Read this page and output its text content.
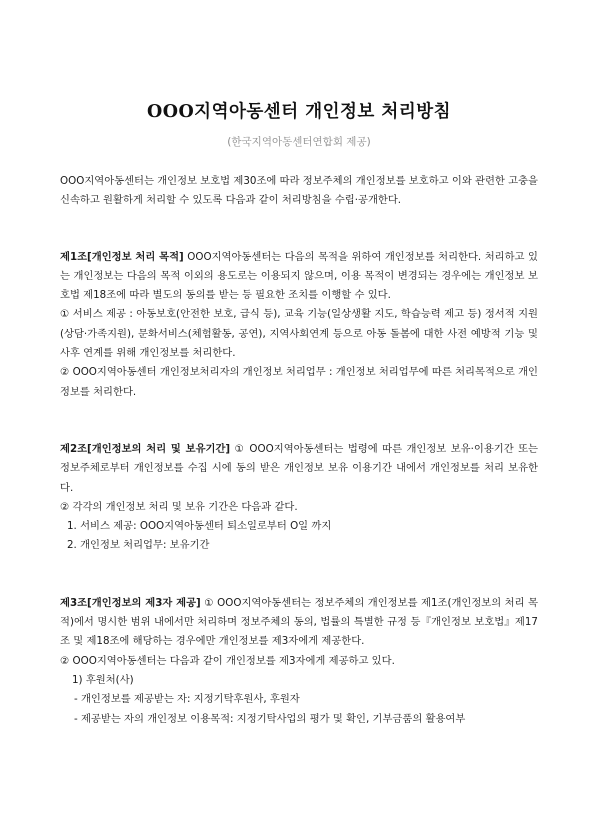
OOO지역아동센터 개인정보 처리방침
(한국지역아동센터연합회 제공)

OOO지역아동센터는 개인정보 보호법 제30조에 따라 정보주체의 개인정보를 보호하고 이와 관련한 고충을 신속하고 원활하게 처리할 수 있도록 다음과 같이 처리방침을 수립·공개한다.

제1조[개인정보 처리 목적] OOO지역아동센터는 다음의 목적을 위하여 개인정보를 처리한다. 처리하고 있는 개인정보는 다음의 목적 이외의 용도로는 이용되지 않으며, 이용 목적이 변경되는 경우에는 개인정보 보호법 제18조에 따라 별도의 동의를 받는 등 필요한 조치를 이행할 수 있다.

① 서비스 제공 : 아동보호(안전한 보호, 급식 등), 교육 기능(일상생활 지도, 학습능력 제고 등) 정서적 지원(상담·가족지원), 문화서비스(체험활동, 공연), 지역사회연계 등으로 아동 돌봄에 대한 사전 예방적 기능 및 사후 연계를 위해 개인정보를 처리한다.

② OOO지역아동센터 개인정보처리자의 개인정보 처리업무 : 개인정보 처리업무에 따른 처리목적으로 개인정보를 처리한다.

제2조[개인정보의 처리 및 보유기간] ① OOO지역아동센터는 법령에 따른 개인정보 보유·이용기간 또는 정보주체로부터 개인정보를 수집 시에 동의 받은 개인정보 보유 이용기간 내에서 개인정보를 처리 보유한다.

② 각각의 개인정보 처리 및 보유 기간은 다음과 같다.

1. 서비스 제공: OOO지역아동센터 퇴소일로부터 O일 까지

2. 개인정보 처리업무: 보유기간

제3조[개인정보의 제3자 제공] ① OOO지역아동센터는 정보주체의 개인정보를 제1조(개인정보의 처리 목적)에서 명시한 범위 내에서만 처리하며 정보주체의 동의, 법률의 특별한 규정 등『개인정보 보호법』제17조 및 제18조에 해당하는 경우에만 개인정보를 제3자에게 제공한다.

② OOO지역아동센터는 다음과 같이 개인정보를 제3자에게 제공하고 있다.

1) 후원처(사)

- 개인정보를 제공받는 자: 지정기탁후원사, 후원자

- 제공받는 자의 개인정보 이용목적: 지정기탁사업의 평가 및 확인, 기부금품의 활용여부
